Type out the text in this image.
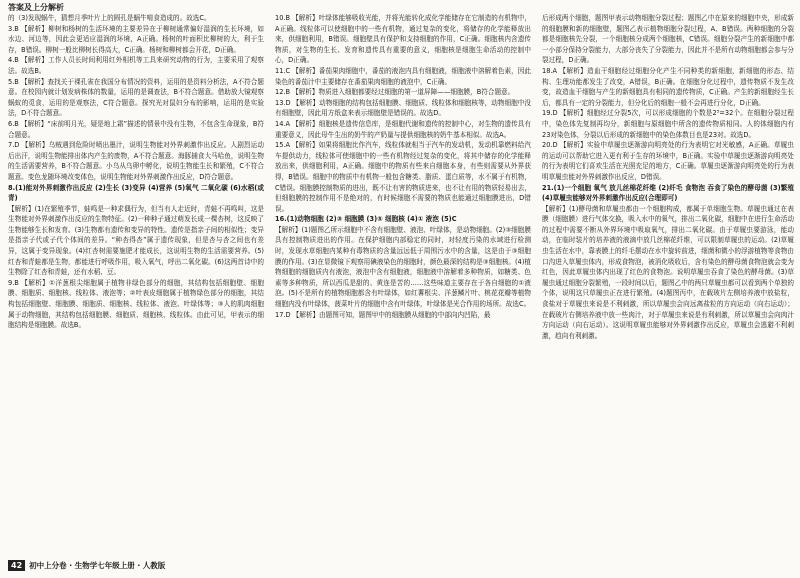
答案及上分解析

的（3)发现蜗牛，猜想月季叶片上的圆孔是蜗牛啃食造成的。故选C。

3.B 【解析】柳树和杨树的生活环境的主要差异在于柳树通常偏好湿润的生长环境，如水边、河边等，因此会更适应湿润的环境，A正确。杨树的叶面积比柳树的大，利于生存，B错误。柳树一般比柳树长得高大，C正确。杨树和柳树都会开花，D正确。

4.B 【解析】工作人员长时间利用红外相机等工具来研究动物的行为，主要采用了观察法。故选B。

5.B 【解析】查找关于裸孔雀在我国分布情况的资料，运用的是资料分析法，A不符合题意。在校园内就计划发病株体的数量，运用的是调查法，B不符合题意。借助放大镜观察蜗蚁的觅食，运用的是观察法，C符合题意。探究光对鼠妇分布的影响，运用的是实验法，D不符合题意。

6.B 【解析】“床前明月光，疑是地上霜”描述的情景中没有生物，不包含生命现象，B符合题意。

7.D 【解析】乌贼遇到危险时喷出墨汁，说明生物能对外界刺激作出反应。人剧烈运动后出汗，说明生物能排出体内产生的废物，A不符合题意。海豚捕食大马哈鱼，说明生物的生活需要营养，B不符合题意。小乌从乌卵中孵化，说明生物能生长和繁殖，C不符合题意。变色龙随环境改变体色，说明生物能对外界刺激作出反应，D符合题意。

8.(1)能对外界刺激作出反应 (2)生长 (3)变异 (4)营养 (5)氧气 二氧化碳 (6)水稻(或青)

【解析】(1)在繁殖季节，蛙鸣是一种求偶行为，但当有人走近时，青蛙不再鸣叫，这是生物能对外界刺激作出反应的生物特征。(2)一种种子通过萌发长成一棵杏树，这反映了生物能够生长和发育。(3)生物都有遗传和变异的特性。遗传是指亲子间的相似性；变异是指亲子代或子代个体间的差异。“种杏得杏”属于遗传现象，但是杏与杏之间也有差异，这属于变异现象。(4)红杏树需要施肥才能成长，这说明生物的生活需要营养。(5)红杏和青蛙都是生物，都能进行呼吸作用，吸入氧气，呼出二氧化碳。(6)这两首诗中的生物除了红杏和青蛙，还有水稻、豆。

9.B 【解析】①洋葱根尖细胞属于植物非绿色部分的细胞，其结构包括细胞壁、细胞膜、细胞质、细胞核、线粒体、液泡等；②叶表皮细胞属于植物绿色部分的细胞，其结构包括细胞壁、细胞膜、细胞质、细胞核、线粒体、液泡、叶绿体等；③人的肌肉细胞属于动物细胞，其结构包括细胞膜、细胞质、细胞核、线粒体。由此可见，甲表示的细胞结构是细胞膜。故选B。

10.B 【解析】叶绿体能够吸收光能，并将光能转化成化学能储存在它制造的有机物中，A正确。线粒体可以使细胞中的一些有机物，通过复杂的变化，将储存的化学能释放出来，供细胞利用，B错误。细胞壁具有保护和支持细胞的作用，C正确。细胞核内含遗传物质，对生物的生长、发育和遗传具有重要的意义，细胞核是细胞生命活动的控制中心，D正确。

11.C 【解析】番茄果肉细胞中，番茄的液泡内具有细胞液，细胞液中溶解着色素，因此染色的番茄汁中主要储存在番茄果肉细胞的液泡中，C正确。

12.B 【解析】物质进入细胞都要经过细胞的第一道屏障——细胞膜，B符合题意。

13.D 【解析】动物细胞的结构包括细胞膜、细胞质、线粒体和细胞核等，动物细胞中没有细胞壁，因此用方纸盒来表示细胞壁是错误的。故选D。

14.A 【解析】细胞核是遗传信息库，是细胞代谢和遗传的控制中心，对生物的遗传具有重要意义，因此母牛生出的奶牛的产奶量与提供细胞核的奶牛基本相似。故选A。

15.A 【解析】如果将细胞比作汽车，线粒体就相当于汽车的发动机，发动机靠燃料给汽车提供动力，线粒体可使细胞中的一些有机物经过复杂的变化，将其中储存的化学能释放出来，供细胞利用，A正确。细胞中的物质有些来自细胞本身，有些则需要从外界获得，B错误。细胞中的物质中有机物一般包含糖类、脂质、蛋白质等，水不属于有机物，C错误。细胞膜控制物质的进出，既不让有害的物质进来，也不让有用的物质轻易出去，但细胞膜的控制作用不是绝对的，有时候细胞不需要的物质也能通过细胞膜进出，D错误。

16.(1)动物细胞 (2)③ 细胞膜 (3)⑤ 细胞核 (4)① 液泡 (5)C

【解析】(1)题图乙所示细胞中不含有细胞壁、液泡、叶绿体，是动物细胞。(2)③细胞膜具有控制物质进出的作用。在保护细胞内部稳定的同时，对轻度污染的水域进行检测时，发现水草细胞内某种有毒物质的含量远远低于周围污水中的含量，这是由于③细胞膜的作用。(3)在显微镜下观察用碘液染色的细胞时，颜色最深的结构是③细胞核。(4)植物细胞的细胞质内有液泡，液泡中含有细胞液，细胞液中溶解着多种物质，如糖类、色素等多种物质，所以西瓜是甜的、黄连是苦的……这些味道主要存在于各自细胞的①液泡。(5)不是所有的植物细胞都含有叶绿体，如红薯根尖、洋葱鳞片叶、桃花花瓣等植物细胞内没有叶绿体，菠菜叶片的细胞中含有叶绿体，叶绿体是光合作用的场所。故选C。

17.D 【解析】由题图可知，题图甲中的细胞膜从细胞的中部向内凹陷，最

后形成两个细胞，题图甲表示动物细胞分裂过程；题图乙中在原来的细胞中央，形成新的细胞膜和新的细胞壁，题图乙表示植物细胞分裂过程，A、B错误。两种细胞的分裂都是细胞核先分裂，一个细胞核分成两个细胞核，C错误。细胞分裂产生的新细胞中都一小部分保持分裂能力，大部分丧失了分裂能力，因此并不是所有动物细胞都会参与分裂过程，D正确。

18.A 【解析】造血干细胞经过细胞分化产生不同种类的新细胞，新细胞的形态、结构、生理功能都发生了改变，A错误，B正确。在细胞分化过程中，遗传物质不发生改变，故造血干细胞与产生的新细胞具有相同的遗传物质，C正确。产生的新细胞经生长后，都具有一定的分裂能力，但分化后的细胞一般不会再进行分化，D正确。

19.D 【解析】细胞经过分裂5次，可以形成细胞的个数是2⁵=32个。在细胞分裂过程中，染色体先复制再均分，新细胞与原细胞中所含的遗传物质相同。人的体细胞内有23对染色体，分裂以后形成的新细胞中的染色体数目也是23对。故选D。

20.D 【解析】实验中草履虫逐渐游向明亮处的行为表明它对光敏感，A正确。草履虫的运动可以帮助它进入更有利于生存的环境中，B正确。实验中草履虫逐渐游向明亮处的行为表明它们喜欢生活在光照充足的地方，C正确。草履虫逐渐游向明亮处的行为表明草履虫能对外界刺激作出反应，D错误。

21.(1)一个细胞 氧气 放儿丝棉花纤维 (2)纤毛 食物泡 吞食了染色的酵母菌 (3)繁殖 (4)草履虫能够对外界刺激作出反应(合理即可)

【解析】(1)酵母菌和草履虫都由一个细胞构成，都属于单细胞生物。草履虫通过在表膜（细胞膜）进行气体交换，吸入水中的氧气，排出二氧化碳，细胞中在进行生命活动的过程中需要不断从外界环境中吸取氧气，排出二氧化碳。由于草履虫要游泳，能动动，在临时装片的培养液的液滴中放几丝棉花纤维，可以限制草履虫的运动。(2)草履虫生活在水中，靠表膜上的纤毛摆动在水中旋转前进，细菌和微小的浮游植物等食物由口沟进入草履虫体内，形成食物泡，被消化吸收后，含有染色的酵母菌食物泡就会变为红色，因此草履虫体内出现了红色的食物泡。说明草履虫吞食了染色的酵母菌。(3)草履虫通过细胞分裂繁殖，一段时间以后，题图乙中的两只草履虫都可以看到两个单独的个体，说明这只草履虫正在进行繁殖。(4)题图丙中，在载玻片左侧培养液中放盐粒，食盐对于草履虫来说是不利刺激，所以草履虫会向远离盐粒的方向运动（向右运动）；在载玻片右侧培养液中放一些肉汁，对于草履虫来说是有利刺激，所以草履虫会向肉汁方向运动（向右运动）。这说明草履虫能够对外界刺激作出反应，草履虫会逃避不利刺激，趋向有利刺激。

42 初中上分卷 · 生物学七年级上册 · 人教版
